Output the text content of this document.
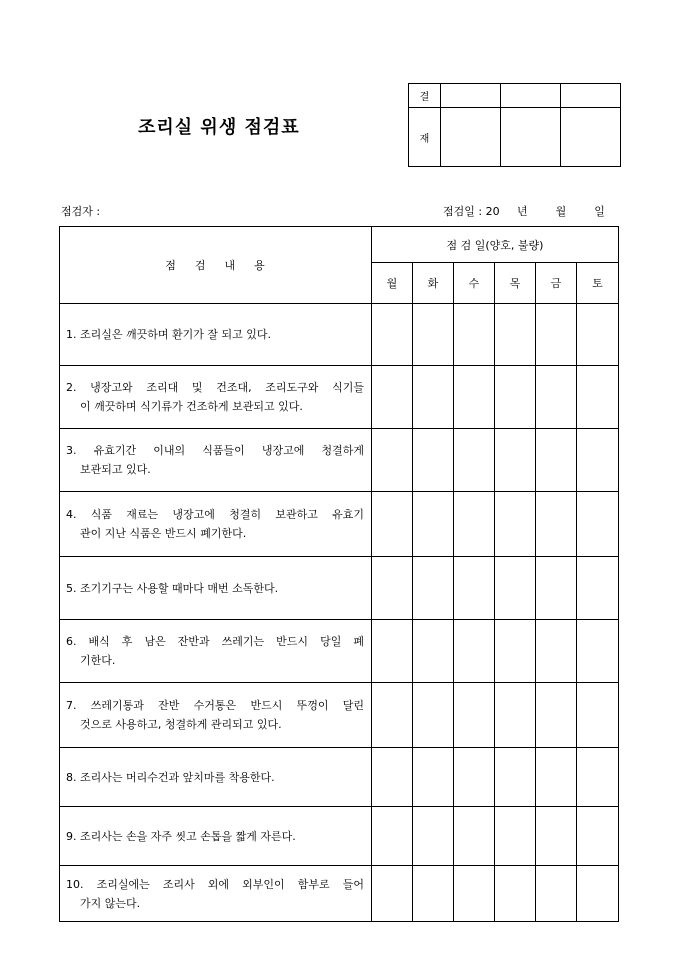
조리실 위생 점검표
결			
재			
점검자 :	점검일 : 20     년        월        일
점    검    내    용	점 검 일(양호, 불량)					
	월	화	수	목	금	토
1. 조리실은 깨끗하며 환기가 잘 되고 있다.						

2. 냉장고와 조리대 및 건조대, 조리도구와 식기들
이 깨끗하며 식기류가 건조하게 보관되고 있다.						

3. 유효기간 이내의 식품들이 냉장고에 청결하게
보관되고 있다.						

4. 식품 재료는 냉장고에 청결히 보관하고 유효기
관이 지난 식품은 반드시 폐기한다.						

5. 조기기구는 사용할 때마다 매번 소독한다.						

6. 배식 후 남은 잔반과 쓰레기는 반드시 당일 폐
기한다.						

7. 쓰레기통과 잔반 수거통은 반드시 뚜껑이 달린
것으로 사용하고, 청결하게 관리되고 있다.						

8. 조리사는 머리수건과 앞치마를 착용한다.						
9. 조리사는 손을 자주 씻고 손톱을 짧게 자른다.						

10. 조리실에는 조리사 외에 외부인이 함부로 들어
가지 않는다.						
